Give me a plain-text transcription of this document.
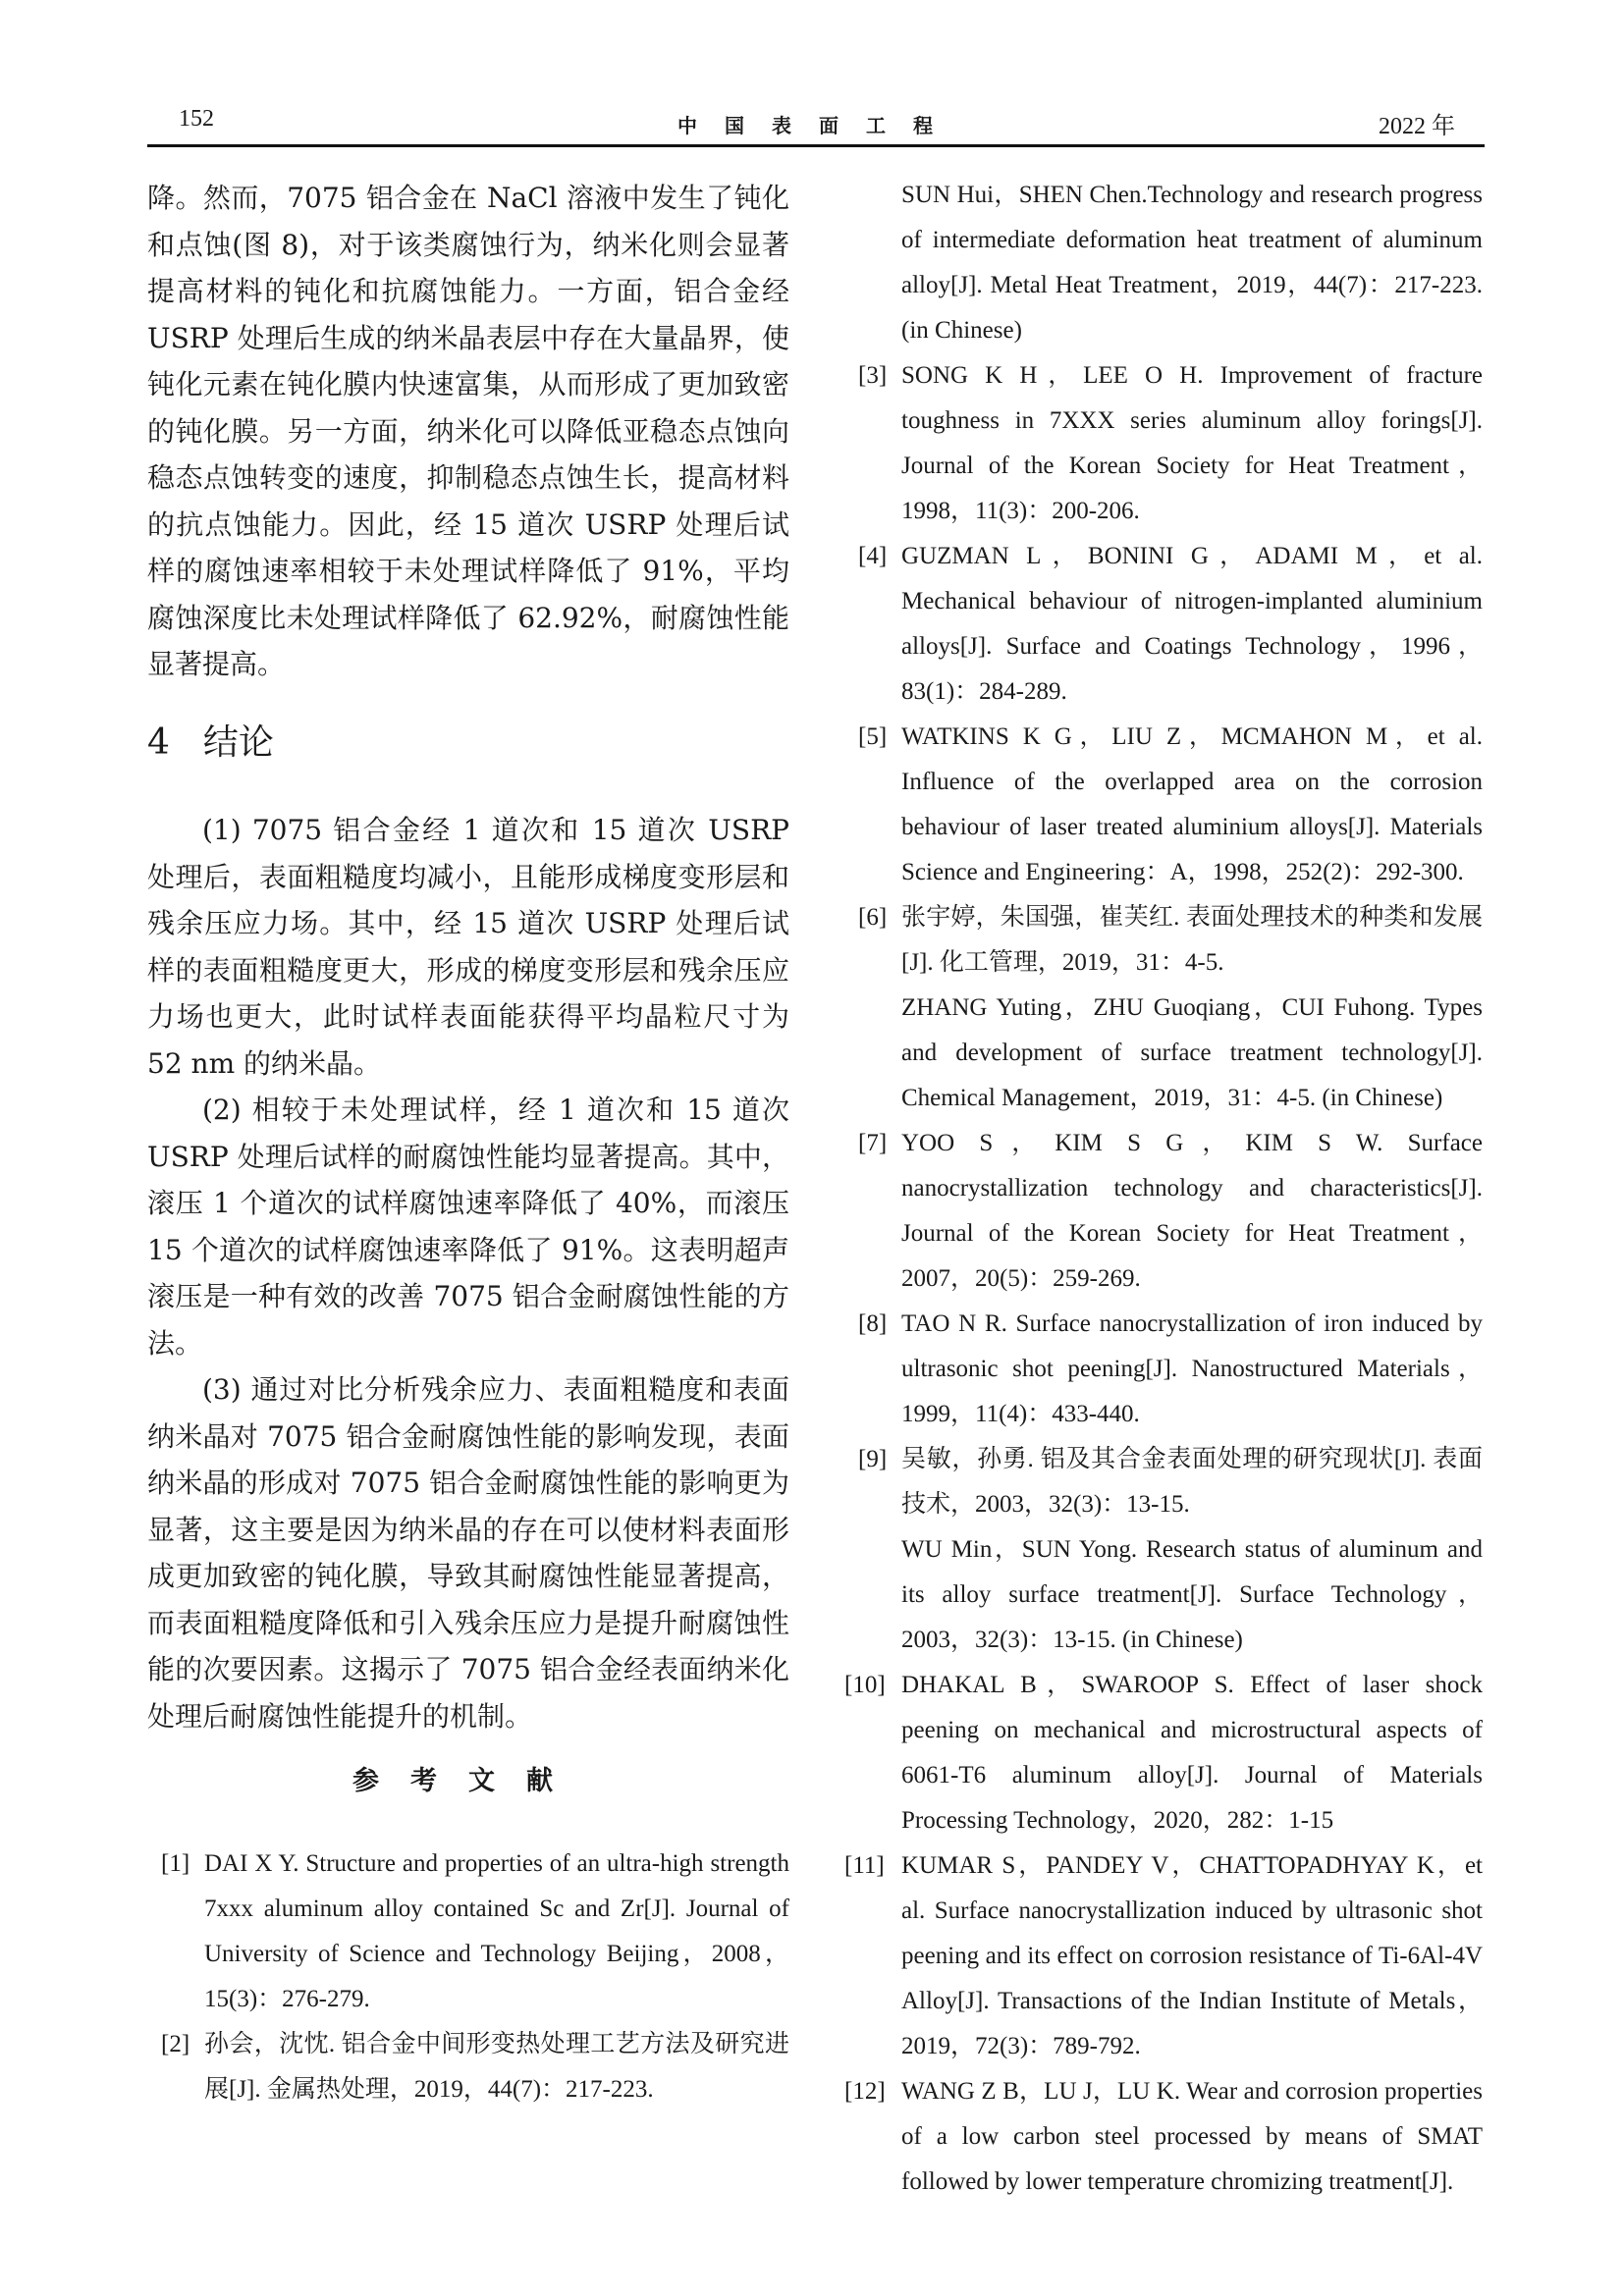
152	中国表面工程	2022 年

降。然而，7075 铝合金在 NaCl 溶液中发生了钝化和点蚀(图 8)，对于该类腐蚀行为，纳米化则会显著提高材料的钝化和抗腐蚀能力。一方面，铝合金经 USRP 处理后生成的纳米晶表层中存在大量晶界，使钝化元素在钝化膜内快速富集，从而形成了更加致密的钝化膜。另一方面，纳米化可以降低亚稳态点蚀向稳态点蚀转变的速度，抑制稳态点蚀生长，提高材料的抗点蚀能力。因此，经 15 道次 USRP 处理后试样的腐蚀速率相较于未处理试样降低了 91%，平均腐蚀深度比未处理试样降低了 62.92%，耐腐蚀性能显著提高。

4 结论

(1) 7075 铝合金经 1 道次和 15 道次 USRP 处理后，表面粗糙度均减小，且能形成梯度变形层和残余压应力场。其中，经 15 道次 USRP 处理后试样的表面粗糙度更大，形成的梯度变形层和残余压应力场也更大，此时试样表面能获得平均晶粒尺寸为 52 nm 的纳米晶。

(2) 相较于未处理试样，经 1 道次和 15 道次 USRP 处理后试样的耐腐蚀性能均显著提高。其中，滚压 1 个道次的试样腐蚀速率降低了 40%，而滚压 15 个道次的试样腐蚀速率降低了 91%。这表明超声滚压是一种有效的改善 7075 铝合金耐腐蚀性能的方法。

(3) 通过对比分析残余应力、表面粗糙度和表面纳米晶对 7075 铝合金耐腐蚀性能的影响发现，表面纳米晶的形成对 7075 铝合金耐腐蚀性能的影响更为显著，这主要是因为纳米晶的存在可以使材料表面形成更加致密的钝化膜，导致其耐腐蚀性能显著提高，而表面粗糙度降低和引入残余压应力是提升耐腐蚀性能的次要因素。这揭示了 7075 铝合金经表面纳米化处理后耐腐蚀性能提升的机制。

参考文献
[1] DAI X Y. Structure and properties of an ultra-high strength 7xxx aluminum alloy contained Sc and Zr[J]. Journal of University of Science and Technology Beijing，2008，15(3)：276-279.
[2] 孙会，沈忱. 铝合金中间形变热处理工艺方法及研究进展[J]. 金属热处理，2019，44(7)：217-223.
SUN Hui，SHEN Chen.Technology and research progress of intermediate deformation heat treatment of aluminum alloy[J]. Metal Heat Treatment，2019，44(7)：217-223. (in Chinese)
[3] SONG K H，LEE O H. Improvement of fracture toughness in 7XXX series aluminum alloy forings[J]. Journal of the Korean Society for Heat Treatment，1998，11(3)：200-206.
[4] GUZMAN L，BONINI G，ADAMI M，et al. Mechanical behaviour of nitrogen-implanted aluminium alloys[J]. Surface and Coatings Technology，1996，83(1)：284-289.
[5] WATKINS K G，LIU Z，MCMAHON M，et al. Influence of the overlapped area on the corrosion behaviour of laser treated aluminium alloys[J]. Materials Science and Engineering：A，1998，252(2)：292-300.
[6] 张宇婷，朱国强，崔芙红. 表面处理技术的种类和发展[J]. 化工管理，2019，31：4-5.
ZHANG Yuting，ZHU Guoqiang，CUI Fuhong. Types and development of surface treatment technology[J]. Chemical Management，2019，31：4-5. (in Chinese)
[7] YOO S，KIM S G，KIM S W. Surface nanocrystallization technology and characteristics[J]. Journal of the Korean Society for Heat Treatment，2007，20(5)：259-269.
[8] TAO N R. Surface nanocrystallization of iron induced by ultrasonic shot peening[J]. Nanostructured Materials，1999，11(4)：433-440.
[9] 吴敏，孙勇. 铝及其合金表面处理的研究现状[J]. 表面技术，2003，32(3)：13-15.
WU Min，SUN Yong. Research status of aluminum and its alloy surface treatment[J]. Surface Technology，2003，32(3)：13-15. (in Chinese)
[10] DHAKAL B，SWAROOP S. Effect of laser shock peening on mechanical and microstructural aspects of 6061-T6 aluminum alloy[J]. Journal of Materials Processing Technology，2020，282：1-15
[11] KUMAR S，PANDEY V，CHATTOPADHYAY K，et al. Surface nanocrystallization induced by ultrasonic shot peening and its effect on corrosion resistance of Ti-6Al-4V Alloy[J]. Transactions of the Indian Institute of Metals，2019，72(3)：789-792.
[12] WANG Z B，LU J，LU K. Wear and corrosion properties of a low carbon steel processed by means of SMAT followed by lower temperature chromizing treatment[J].
